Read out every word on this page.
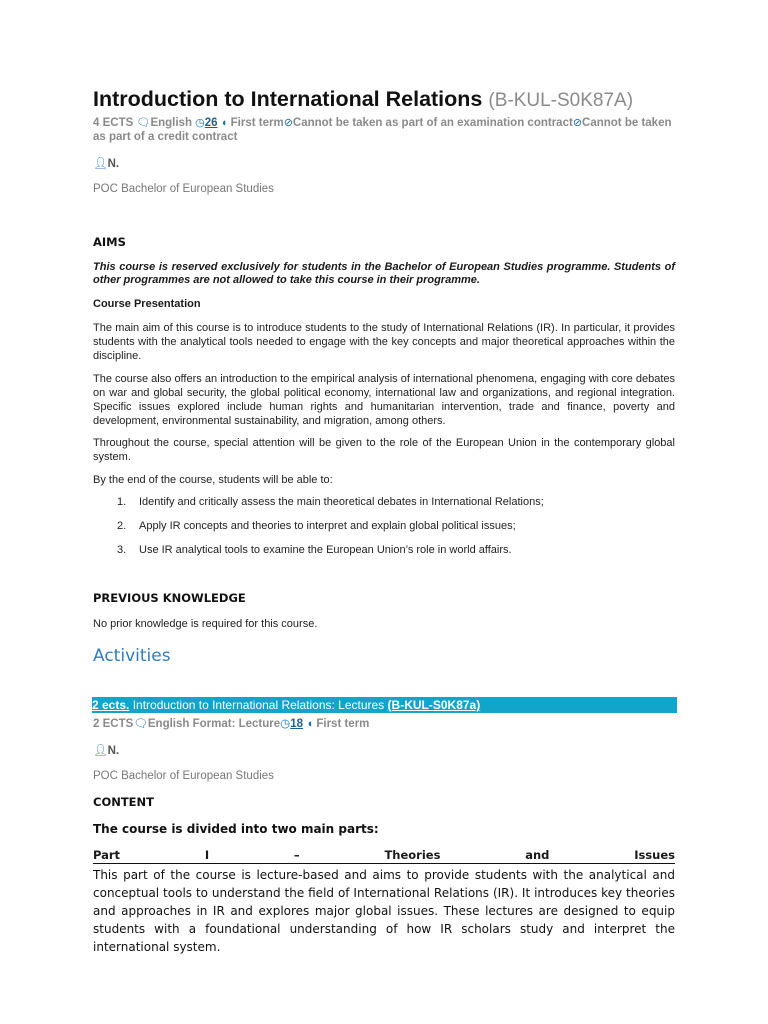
Introduction to International Relations (B-KUL-S0K87A)
4 ECTS 🗨︎English ◷26 ◖ First term⊘Cannot be taken as part of an examination contract⊘Cannot be taken as part of a credit contract
👤︎N.
POC Bachelor of European Studies
AIMS
This course is reserved exclusively for students in the Bachelor of European Studies programme. Students of other programmes are not allowed to take this course in their programme.
Course Presentation
The main aim of this course is to introduce students to the study of International Relations (IR). In particular, it provides students with the analytical tools needed to engage with the key concepts and major theoretical approaches within the discipline.
The course also offers an introduction to the empirical analysis of international phenomena, engaging with core debates on war and global security, the global political economy, international law and organizations, and regional integration. Specific issues explored include human rights and humanitarian intervention, trade and finance, poverty and development, environmental sustainability, and migration, among others.
Throughout the course, special attention will be given to the role of the European Union in the contemporary global system.
By the end of the course, students will be able to:
1. Identify and critically assess the main theoretical debates in International Relations;
2. Apply IR concepts and theories to interpret and explain global political issues;
3. Use IR analytical tools to examine the European Union’s role in world affairs.
PREVIOUS KNOWLEDGE
No prior knowledge is required for this course.
Activities
2 ects. Introduction to International Relations: Lectures (B-KUL-S0K87a)
2 ECTS🗨︎English Format: Lecture◷18 ◖ First term
👤︎N.
POC Bachelor of European Studies
CONTENT
The course is divided into two main parts:
Part	I	–	Theories	and	Issues
This part of the course is lecture-based and aims to provide students with the analytical and conceptual tools to understand the field of International Relations (IR). It introduces key theories and approaches in IR and explores major global issues. These lectures are designed to equip students with a foundational understanding of how IR scholars study and interpret the international system.
